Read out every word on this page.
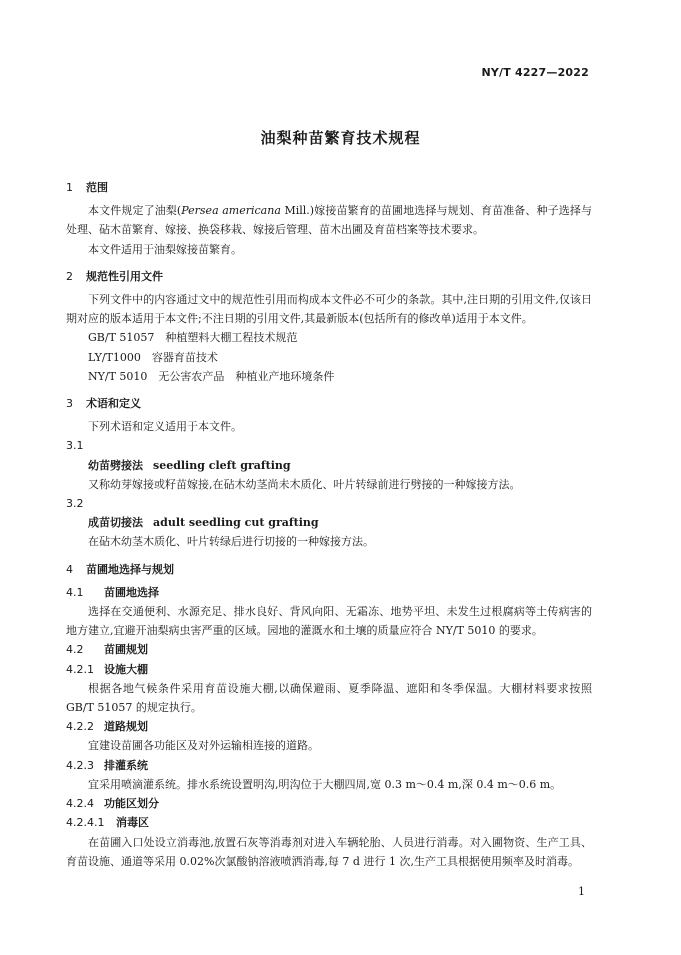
NY/T 4227—2022
油梨种苗繁育技术规程
1 范围

本文件规定了油梨(Persea americana Mill.)嫁接苗繁育的苗圃地选择与规划、育苗准备、种子选择与处理、砧木苗繁育、嫁接、换袋移栽、嫁接后管理、苗木出圃及育苗档案等技术要求。

本文件适用于油梨嫁接苗繁育。

2 规范性引用文件

下列文件中的内容通过文中的规范性引用而构成本文件必不可少的条款。其中,注日期的引用文件,仅该日期对应的版本适用于本文件;不注日期的引用文件,其最新版本(包括所有的修改单)适用于本文件。

GB/T 51057　种植塑料大棚工程技术规范

LY/T1000　容器育苗技术

NY/T 5010　无公害农产品　种植业产地环境条件

3 术语和定义

下列术语和定义适用于本文件。

3.1
幼苗劈接法 seedling cleft grafting

又称幼芽嫁接或籽苗嫁接,在砧木幼茎尚未木质化、叶片转绿前进行劈接的一种嫁接方法。

3.2
成苗切接法 adult seedling cut grafting

在砧木幼茎木质化、叶片转绿后进行切接的一种嫁接方法。

4 苗圃地选择与规划
4.1 苗圃地选择

选择在交通便利、水源充足、排水良好、背风向阳、无霜冻、地势平坦、未发生过根腐病等土传病害的地方建立,宜避开油梨病虫害严重的区域。园地的灌溉水和土壤的质量应符合 NY/T 5010 的要求。

4.2 苗圃规划
4.2.1 设施大棚

根据各地气候条件采用育苗设施大棚,以确保避雨、夏季降温、遮阳和冬季保温。大棚材料要求按照 GB/T 51057 的规定执行。

4.2.2 道路规划

宜建设苗圃各功能区及对外运输相连接的道路。

4.2.3 排灌系统

宜采用喷滴灌系统。排水系统设置明沟,明沟位于大棚四周,宽 0.3 m～0.4 m,深 0.4 m～0.6 m。

4.2.4 功能区划分
4.2.4.1 消毒区

在苗圃入口处设立消毒池,放置石灰等消毒剂对进入车辆轮胎、人员进行消毒。对入圃物资、生产工具、育苗设施、通道等采用 0.02%次氯酸钠溶液喷洒消毒,每 7 d 进行 1 次,生产工具根据使用频率及时消毒。

1
